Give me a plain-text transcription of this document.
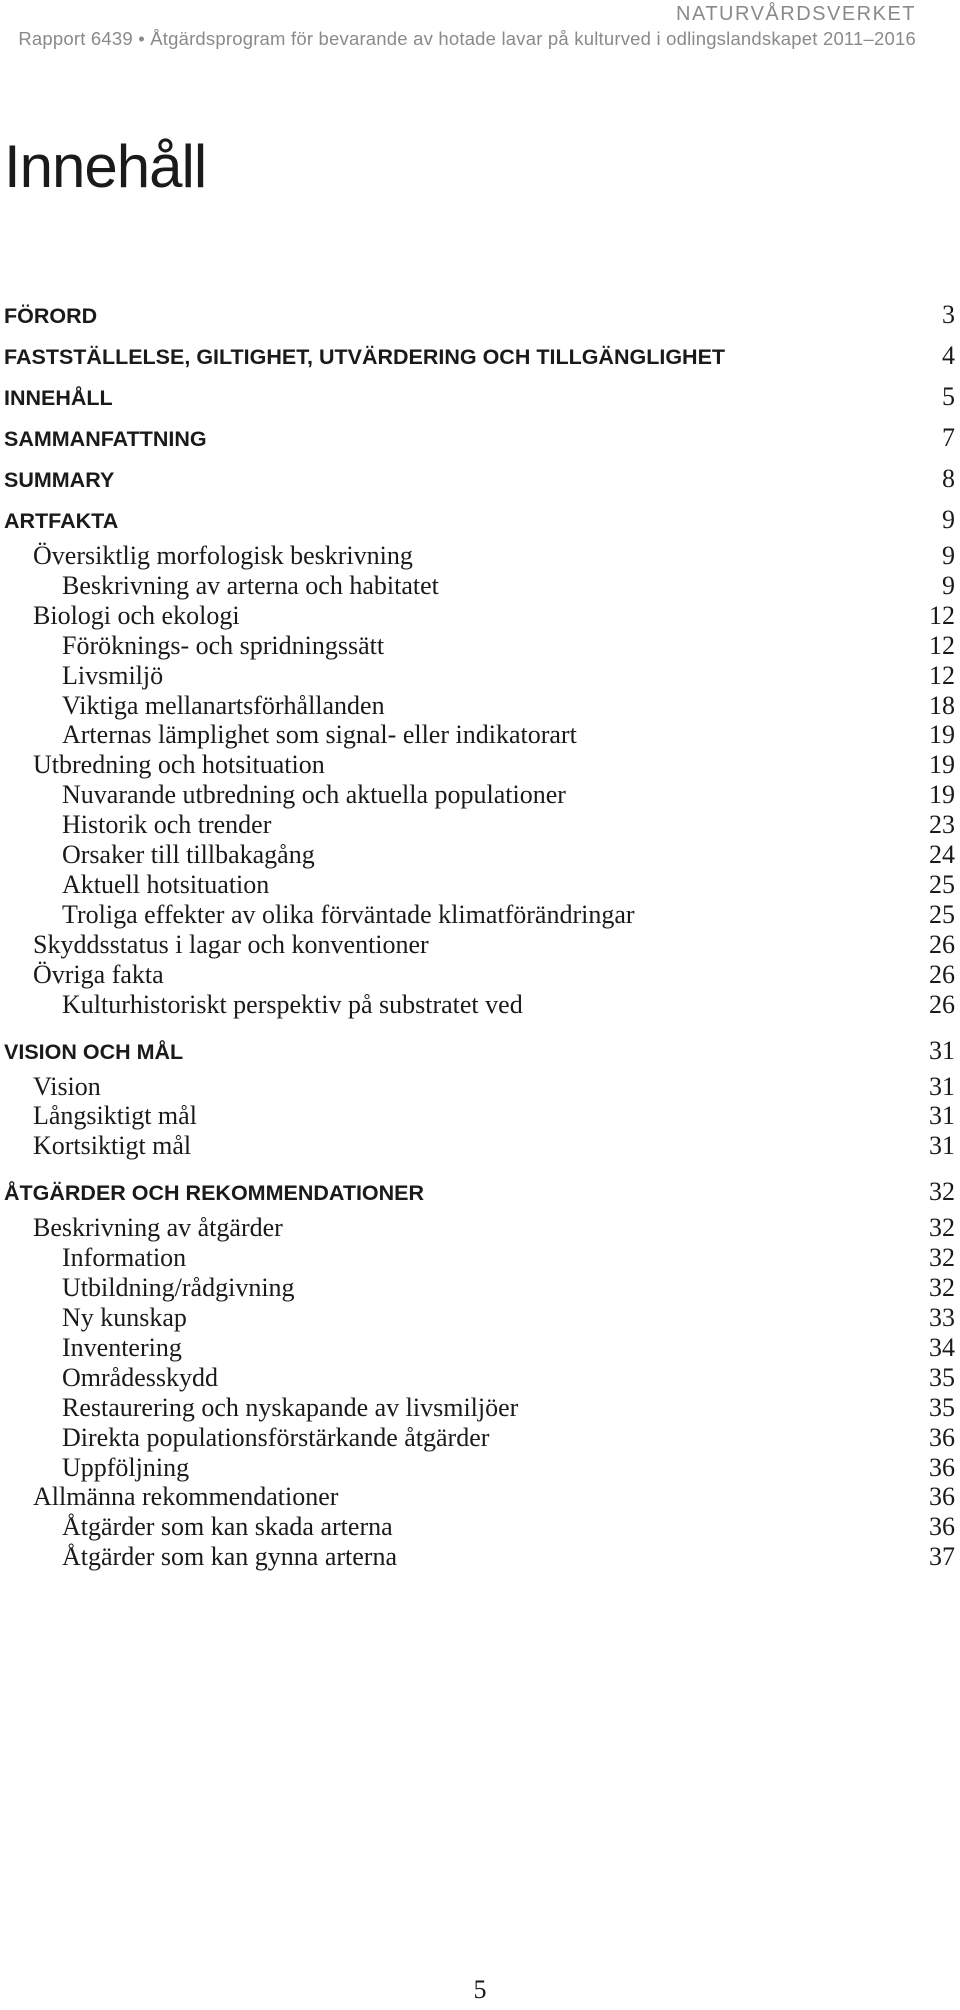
NATURVÅRDSVERKET
Rapport 6439 • Åtgärdsprogram för bevarande av hotade lavar på kulturved i odlingslandskapet 2011–2016
Innehåll
FÖRORD	3
FASTSTÄLLELSE, GILTIGHET, UTVÄRDERING OCH TILLGÄNGLIGHET	4
INNEHÅLL	5
SAMMANFATTNING	7
SUMMARY	8
ARTFAKTA	9
Översiktlig morfologisk beskrivning	9
Beskrivning av arterna och habitatet	9
Biologi och ekologi	12
Föröknings- och spridningssätt	12
Livsmiljö	12
Viktiga mellanartsförhållanden	18
Arternas lämplighet som signal- eller indikatorart	19
Utbredning och hotsituation	19
Nuvarande utbredning och aktuella populationer	19
Historik och trender	23
Orsaker till tillbakagång	24
Aktuell hotsituation	25
Troliga effekter av olika förväntade klimatförändringar	25
Skyddsstatus i lagar och konventioner	26
Övriga fakta	26
Kulturhistoriskt perspektiv på substratet ved	26
VISION OCH MÅL	31
Vision	31
Långsiktigt mål	31
Kortsiktigt mål	31
ÅTGÄRDER OCH REKOMMENDATIONER	32
Beskrivning av åtgärder	32
Information	32
Utbildning/rådgivning	32
Ny kunskap	33
Inventering	34
Områdesskydd	35
Restaurering och nyskapande av livsmiljöer	35
Direkta populationsförstärkande åtgärder	36
Uppföljning	36
Allmänna rekommendationer	36
Åtgärder som kan skada arterna	36
Åtgärder som kan gynna arterna	37
5
